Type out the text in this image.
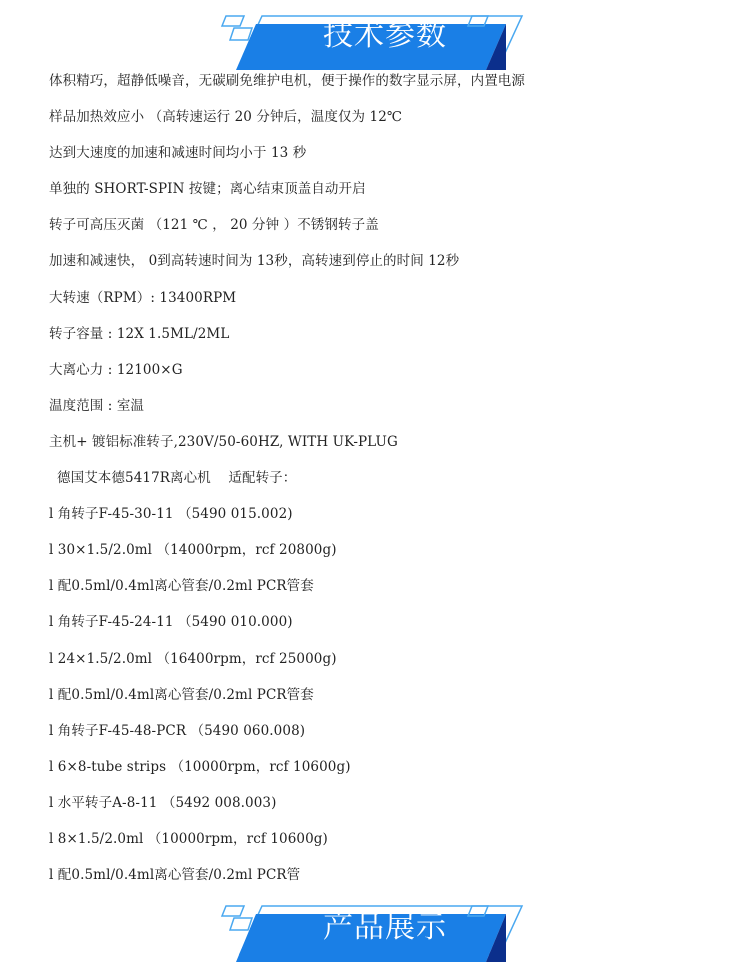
技术参数
体积精巧，超静低噪音，无碳刷免维护电机，便于操作的数字显示屏，内置电源
样品加热效应小 （高转速运行 20 分钟后，温度仅为 12℃
达到大速度的加速和减速时间均小于 13 秒
单独的 SHORT-SPIN 按键；离心结束顶盖自动开启
转子可高压灭菌 （121 ℃ ， 20 分钟 ）不锈钢转子盖
加速和减速快， 0到高转速时间为 13秒，高转速到停止的时间 12秒
大转速（RPM）: 13400RPM
转子容量 : 12X 1.5ML/2ML
大离心力 : 12100×G
温度范围 : 室温
主机+ 镀铝标准转子,230V/50-60HZ, WITH UK-PLUG
德国艾本德5417R离心机    适配转子：
l 角转子F-45-30-11 （5490 015.002)
l 30×1.5/2.0ml （14000rpm，rcf 20800g)
l 配0.5ml/0.4ml离心管套/0.2ml PCR管套
l 角转子F-45-24-11 （5490 010.000)
l 24×1.5/2.0ml （16400rpm，rcf 25000g)
l 配0.5ml/0.4ml离心管套/0.2ml PCR管套
l 角转子F-45-48-PCR （5490 060.008)
l 6×8-tube strips （10000rpm，rcf 10600g)
l 水平转子A-8-11 （5492 008.003)
l 8×1.5/2.0ml （10000rpm，rcf 10600g)
l 配0.5ml/0.4ml离心管套/0.2ml PCR管
产品展示
